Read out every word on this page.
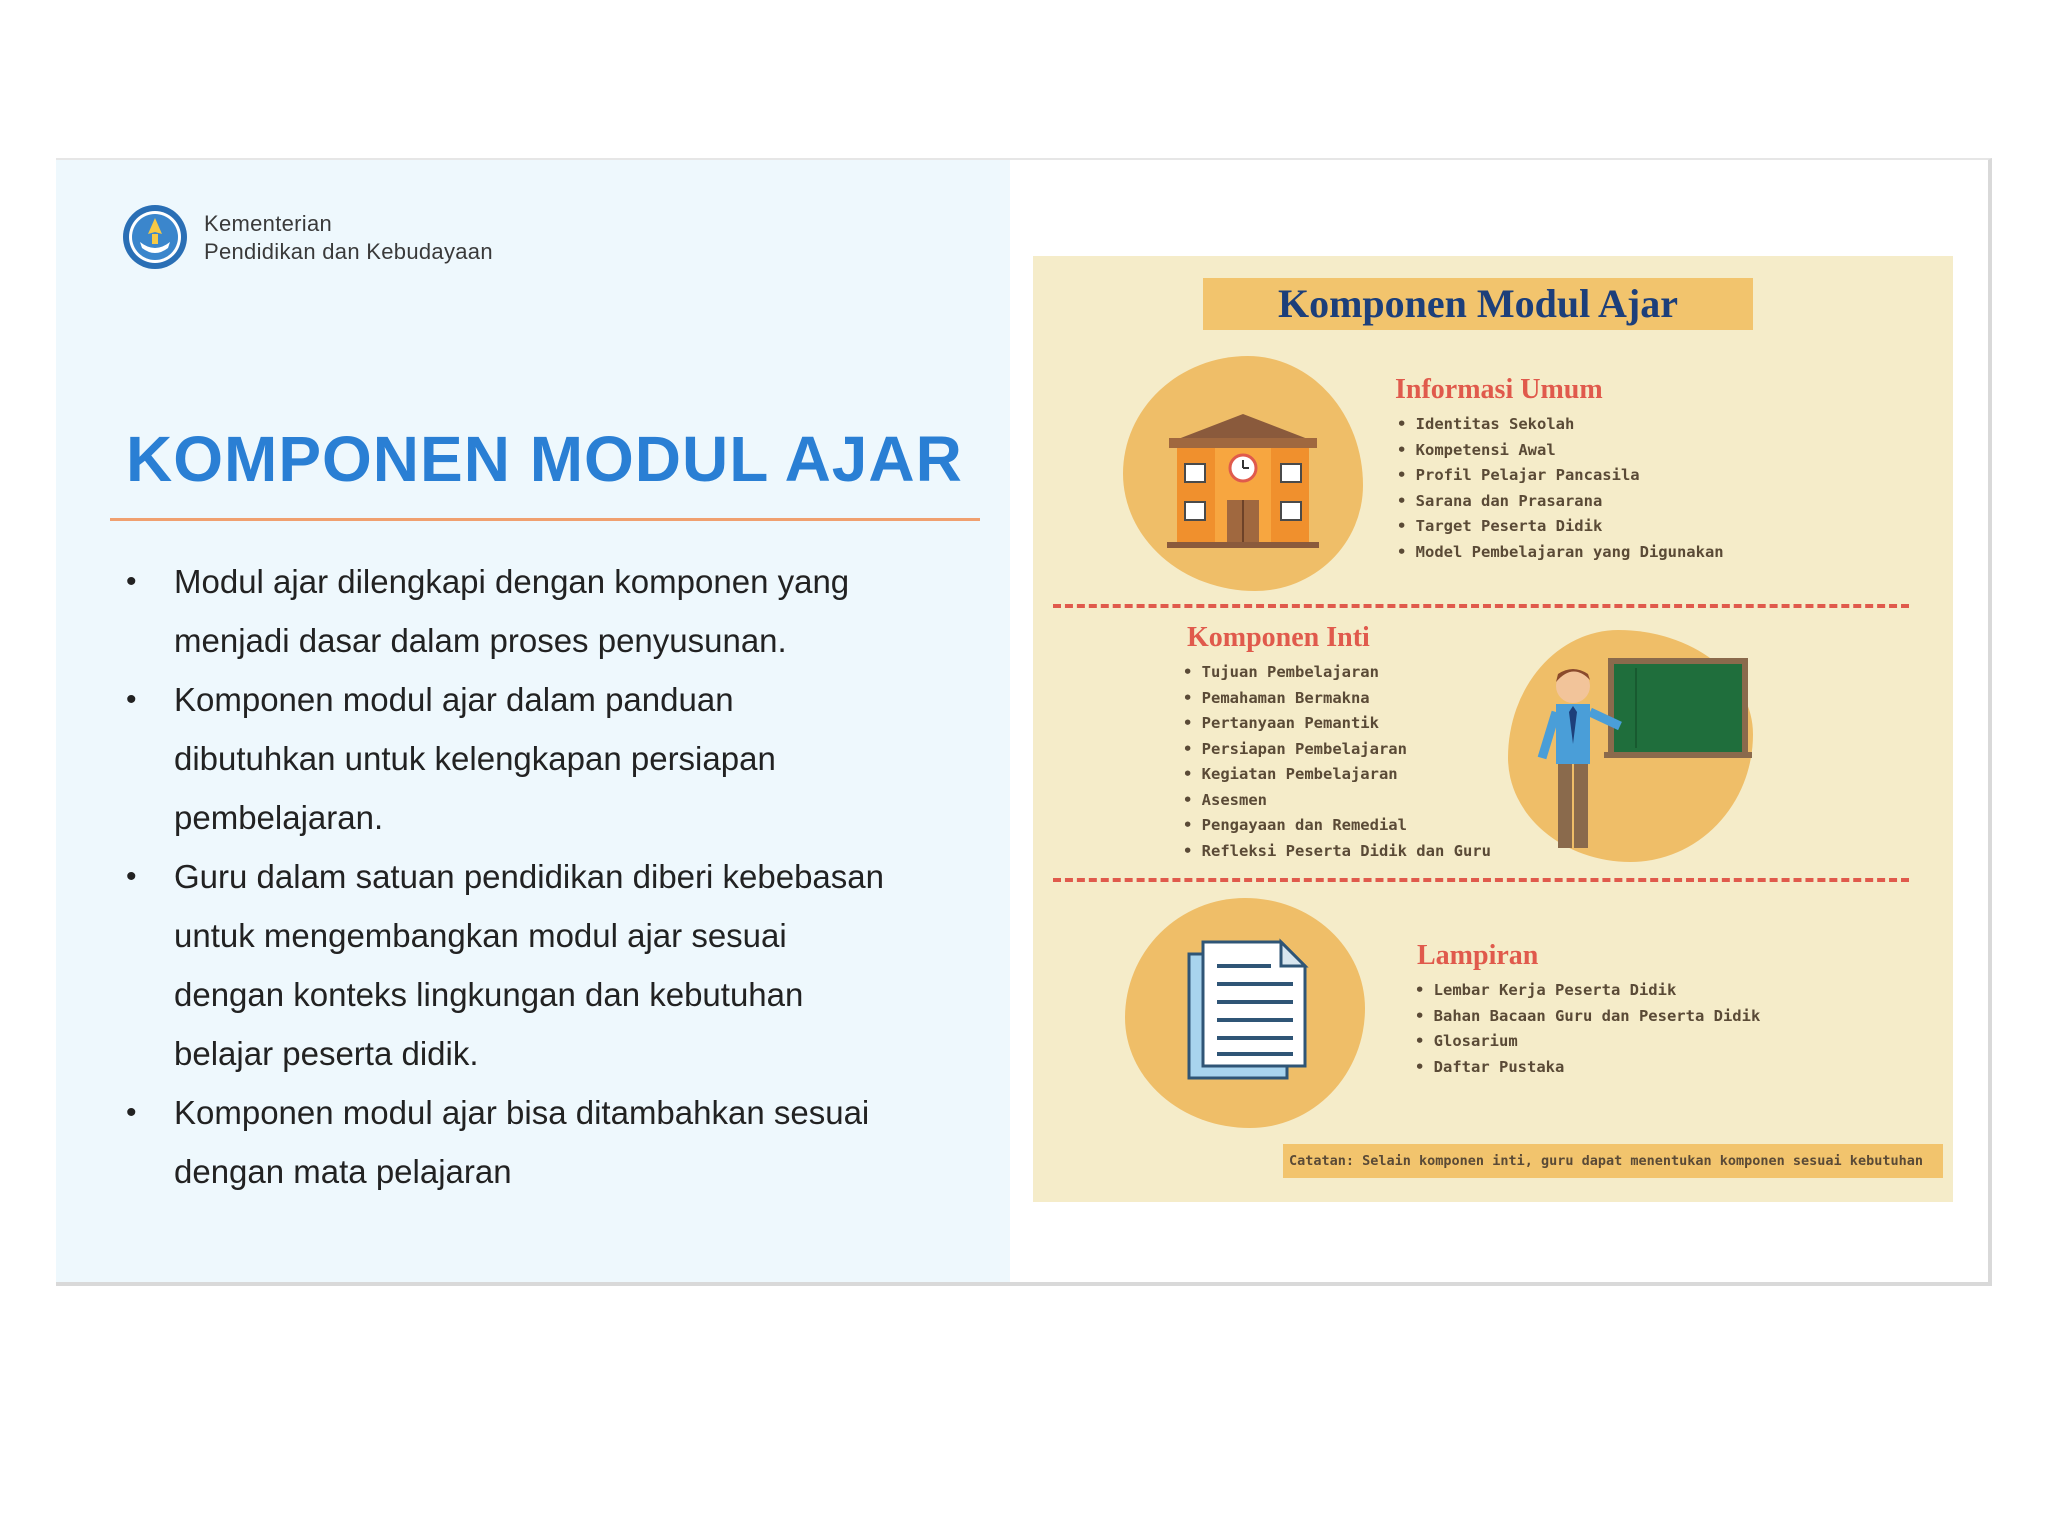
Kementerian
Pendidikan dan Kebudayaan
KOMPONEN MODUL AJAR
• Modul ajar dilengkapi dengan komponen yang
menjadi dasar dalam proses penyusunan.
• Komponen modul ajar dalam panduan
dibutuhkan untuk kelengkapan persiapan
pembelajaran.
• Guru dalam satuan pendidikan diberi kebebasan
untuk mengembangkan modul ajar sesuai
dengan konteks lingkungan dan kebutuhan
belajar peserta didik.
• Komponen modul ajar bisa ditambahkan sesuai
dengan mata pelajaran
Komponen Modul Ajar
Informasi Umum
• Identitas Sekolah
• Kompetensi Awal
• Profil Pelajar Pancasila
• Sarana dan Prasarana
• Target Peserta Didik
• Model Pembelajaran yang Digunakan
Komponen Inti
• Tujuan Pembelajaran
• Pemahaman Bermakna
• Pertanyaan Pemantik
• Persiapan Pembelajaran
• Kegiatan Pembelajaran
• Asesmen
• Pengayaan dan Remedial
• Refleksi Peserta Didik dan Guru
Lampiran
• Lembar Kerja Peserta Didik
• Bahan Bacaan Guru dan Peserta Didik
• Glosarium
• Daftar Pustaka
Catatan: Selain komponen inti, guru dapat menentukan komponen sesuai kebutuhan
